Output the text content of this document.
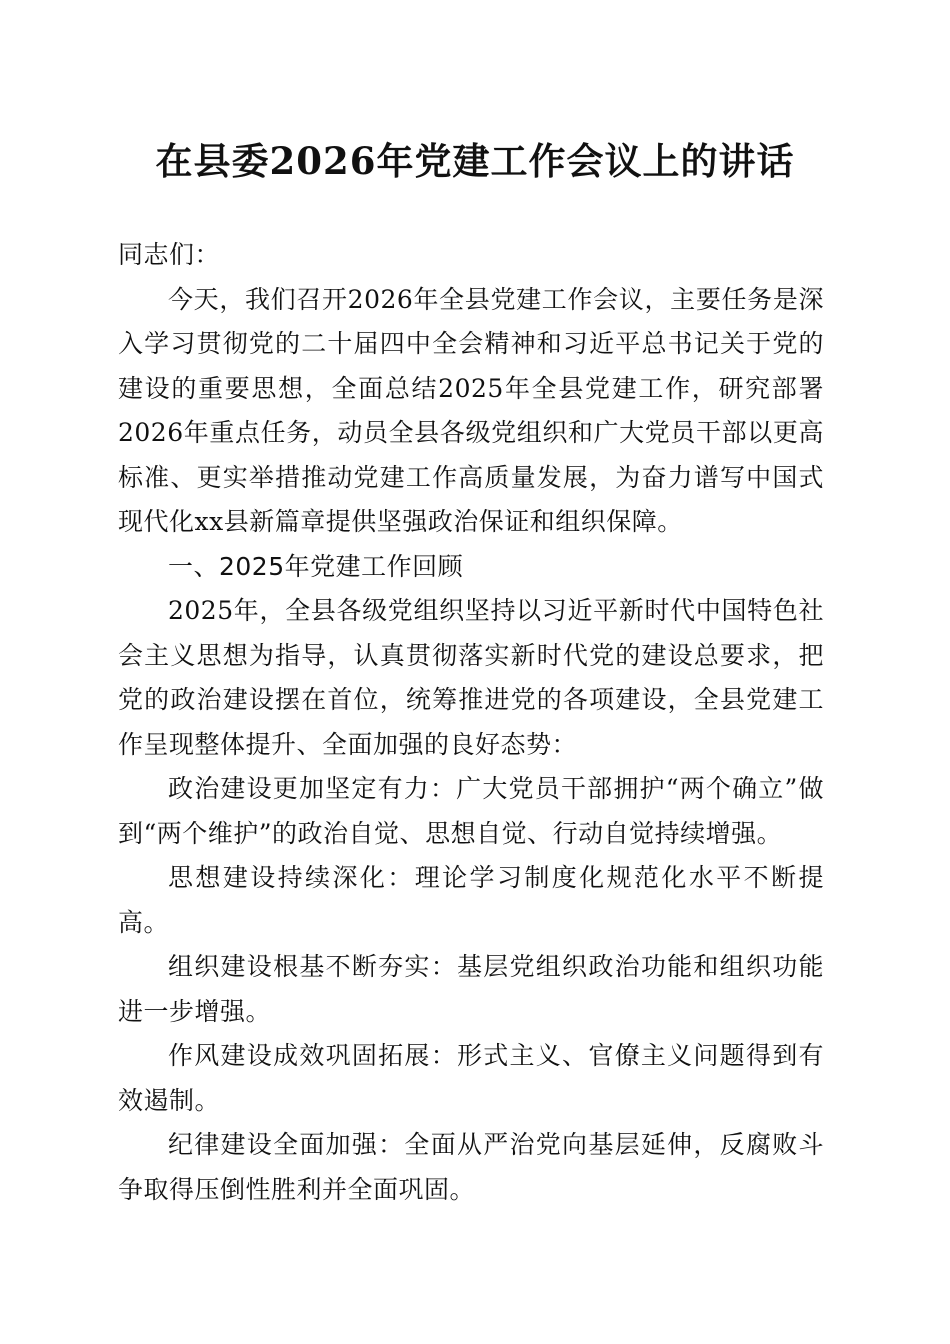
在县委2026年党建工作会议上的讲话

同志们：

今天，我们召开2026年全县党建工作会议，主要任务是深入学习贯彻党的二十届四中全会精神和习近平总书记关于党的建设的重要思想，全面总结2025年全县党建工作，研究部署2026年重点任务，动员全县各级党组织和广大党员干部以更高标准、更实举措推动党建工作高质量发展，为奋力谱写中国式现代化xx县新篇章提供坚强政治保证和组织保障。

一、2025年党建工作回顾

2025年，全县各级党组织坚持以习近平新时代中国特色社会主义思想为指导，认真贯彻落实新时代党的建设总要求，把党的政治建设摆在首位，统筹推进党的各项建设，全县党建工作呈现整体提升、全面加强的良好态势：

政治建设更加坚定有力：广大党员干部拥护“两个确立”做到“两个维护”的政治自觉、思想自觉、行动自觉持续增强。

思想建设持续深化：理论学习制度化规范化水平不断提高。

组织建设根基不断夯实：基层党组织政治功能和组织功能进一步增强。

作风建设成效巩固拓展：形式主义、官僚主义问题得到有效遏制。

纪律建设全面加强：全面从严治党向基层延伸，反腐败斗争取得压倒性胜利并全面巩固。
